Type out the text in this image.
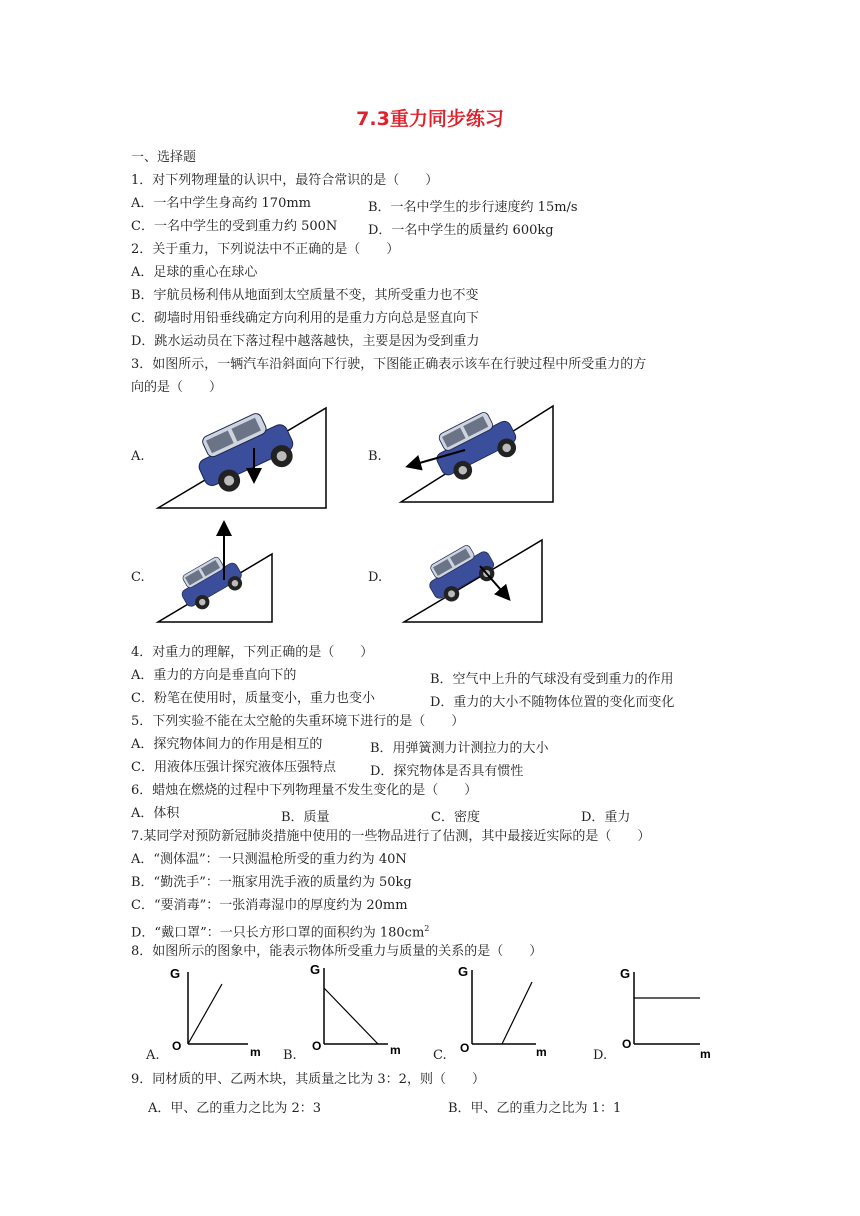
7.3重力同步练习
一、选择题
1．对下列物理量的认识中，最符合常识的是（　　）
A．一名中学生身高约 170mm	B．一名中学生的步行速度约 15m/s
C．一名中学生的受到重力约 500N D．一名中学生的质量约 600kg
2．关于重力，下列说法中不正确的是（　　）
A．足球的重心在球心
B．宇航员杨利伟从地面到太空质量不变，其所受重力也不变
C．砌墙时用铅垂线确定方向利用的是重力方向总是竖直向下
D．跳水运动员在下落过程中越落越快，主要是因为受到重力
3．如图所示，一辆汽车沿斜面向下行驶，下图能正确表示该车在行驶过程中所受重力的方
向的是（　　）
A.	B.
C.	D.
4．对重力的理解，下列正确的是（　　）
A．重力的方向是垂直向下的	B．空气中上升的气球没有受到重力的作用
C．粉笔在使用时，质量变小，重力也变小	D．重力的大小不随物体位置的变化而变化
5．下列实验不能在太空舱的失重环境下进行的是（　　）
A．探究物体间力的作用是相互的	B．用弹簧测力计测拉力的大小
C．用液体压强计探究液体压强特点	D．探究物体是否具有惯性
6．蜡烛在燃烧的过程中下列物理量不发生变化的是（　　）
A．体积	B．质量	C．密度	D．重力
7.某同学对预防新冠肺炎措施中使用的一些物品进行了估测，其中最接近实际的是（　　）
A．“测体温”：一只测温枪所受的重力约为 40N
B．“勤洗手”：一瓶家用洗手液的质量约为 50kg
C．“要消毒”：一张消毒湿巾的厚度约为 20mm
D．“戴口罩”：一只长方形口罩的面积约为 $180cm^2$
8．如图所示的图象中，能表示物体所受重力与质量的关系的是（　　）
A.	B.	C.	D.
G
O	m
G
O	m
G
O	m
G
O
m
9．同材质的甲、乙两木块，其质量之比为 3：2，则（　　）
A．甲、乙的重力之比为 2：3	B．甲、乙的重力之比为 1：1
